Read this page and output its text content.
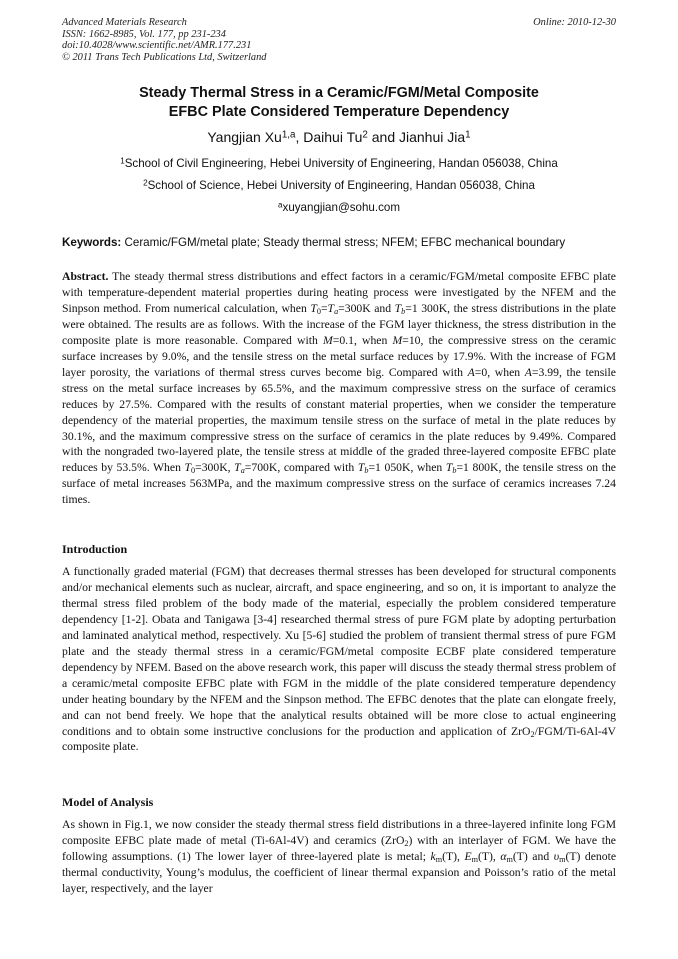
Advanced Materials Research
ISSN: 1662-8985, Vol. 177, pp 231-234
doi:10.4028/www.scientific.net/AMR.177.231
© 2011 Trans Tech Publications Ltd, Switzerland
Online: 2010-12-30
Steady Thermal Stress in a Ceramic/FGM/Metal Composite
EFBC Plate Considered Temperature Dependency
Yangjian Xu$^{1,a}$, Daihui Tu$^2$ and Jianhui Jia$^1$
$^1$School of Civil Engineering, Hebei University of Engineering, Handan 056038, China
$^2$School of Science, Hebei University of Engineering, Handan 056038, China
$^a$xuyangjian@sohu.com
Keywords: Ceramic/FGM/metal plate; Steady thermal stress; NFEM; EFBC mechanical boundary
Abstract. The steady thermal stress distributions and effect factors in a ceramic/FGM/metal composite EFBC plate with temperature-dependent material properties during heating process were investigated by the NFEM and the Sinpson method. From numerical calculation, when $T_0=T_a=300K$ and $T_b=1$ 300K, the stress distributions in the plate were obtained. The results are as follows. With the increase of the FGM layer thickness, the stress distribution in the composite plate is more reasonable. Compared with M=0.1, when M=10, the compressive stress on the ceramic surface increases by 9.0%, and the tensile stress on the metal surface reduces by 17.9%. With the increase of FGM layer porosity, the variations of thermal stress curves become big. Compared with A=0, when A=3.99, the tensile stress on the metal surface increases by 65.5%, and the maximum compressive stress on the surface of ceramics reduces by 27.5%. Compared with the results of constant material properties, when we consider the temperature dependency of the material properties, the maximum tensile stress on the surface of metal in the plate reduces by 30.1%, and the maximum compressive stress on the surface of ceramics in the plate reduces by 9.49%. Compared with the nongraded two-layered plate, the tensile stress at middle of the graded three-layered composite EFBC plate reduces by 53.5%. When $T_0=300K$, $T_a=700K$, compared with $T_b=1$ 050K, when $T_b=1$ 800K, the tensile stress on the surface of metal increases 563MPa, and the maximum compressive stress on the surface of ceramics increases 7.24 times.
Introduction
A functionally graded material (FGM) that decreases thermal stresses has been developed for structural components and/or mechanical elements such as nuclear, aircraft, and space engineering, and so on, it is important to analyze the thermal stress filed problem of the body made of the material, especially the problem considered temperature dependency [1-2]. Obata and Tanigawa [3-4] researched thermal stress of pure FGM plate by adopting perturbation and laminated analytical method, respectively. Xu [5-6] studied the problem of transient thermal stress of pure FGM plate and the steady thermal stress in a ceramic/FGM/metal composite ECBF plate considered temperature dependency by NFEM. Based on the above research work, this paper will discuss the steady thermal stress problem of a ceramic/metal composite EFBC plate with FGM in the middle of the plate considered temperature dependency under heating boundary by the NFEM and the Sinpson method. The EFBC denotes that the plate can elongate freely, and can not bend freely. We hope that the analytical results obtained will be more close to actual engineering conditions and to obtain some instructive conclusions for the production and application of ZrO$_2$/FGM/Ti-6Al-4V composite plate.
Model of Analysis
As shown in Fig.1, we now consider the steady thermal stress field distributions in a three-layered infinite long FGM composite EFBC plate made of metal (Ti-6Al-4V) and ceramics (ZrO$_2$) with an interlayer of FGM. We have the following assumptions. (1) The lower layer of three-layered plate is metal; $k_m(T)$, $E_m(T)$, $\alpha_m(T)$ and $\upsilon_m(T)$ denote thermal conductivity, Young’s modulus, the coefficient of linear thermal expansion and Poisson’s ratio of the metal layer, respectively, and the layer
